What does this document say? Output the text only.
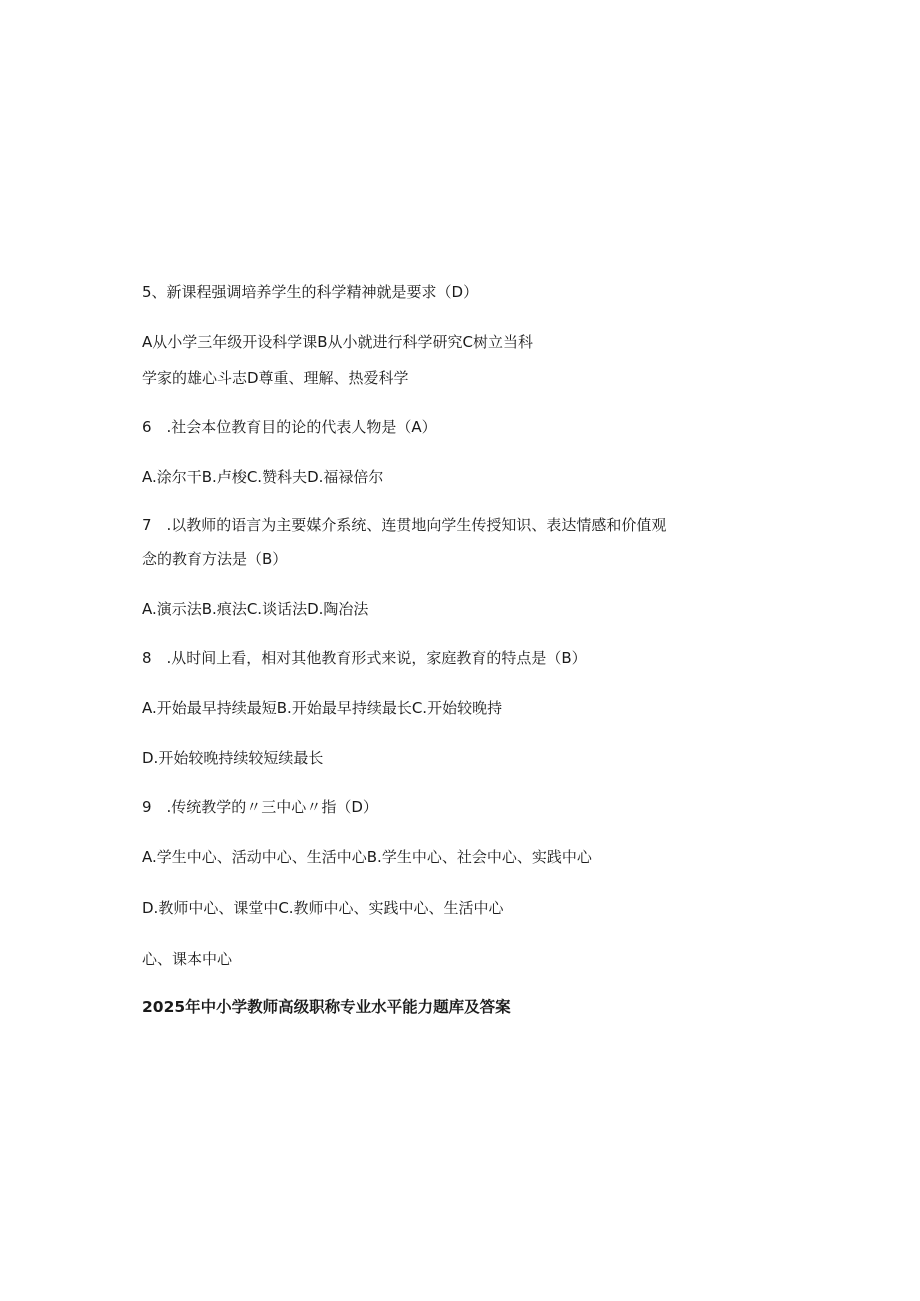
5、新课程强调培养学生的科学精神就是要求（D）
A从小学三年级开设科学课B从小就进行科学研究C树立当科
学家的雄心斗志D尊重、理解、热爱科学
6　.社会本位教育目的论的代表人物是（A）
A.涂尔干B.卢梭C.赞科夫D.福禄倍尔
7　.以教师的语言为主要媒介系统、连贯地向学生传授知识、表达情感和价值观
念的教育方法是（B）
A.演示法B.痕法C.谈话法D.陶冶法
8　.从时间上看，相对其他教育形式来说，家庭教育的特点是（B）
A.开始最早持续最短B.开始最早持续最长C.开始较晚持
D.开始较晚持续较短续最长
9　.传统教学的〃三中心〃指（D）
A.学生中心、活动中心、生活中心B.学生中心、社会中心、实践中心
D.教师中心、课堂中C.教师中心、实践中心、生活中心
心、课本中心
2025年中小学教师高级职称专业水平能力题库及答案
